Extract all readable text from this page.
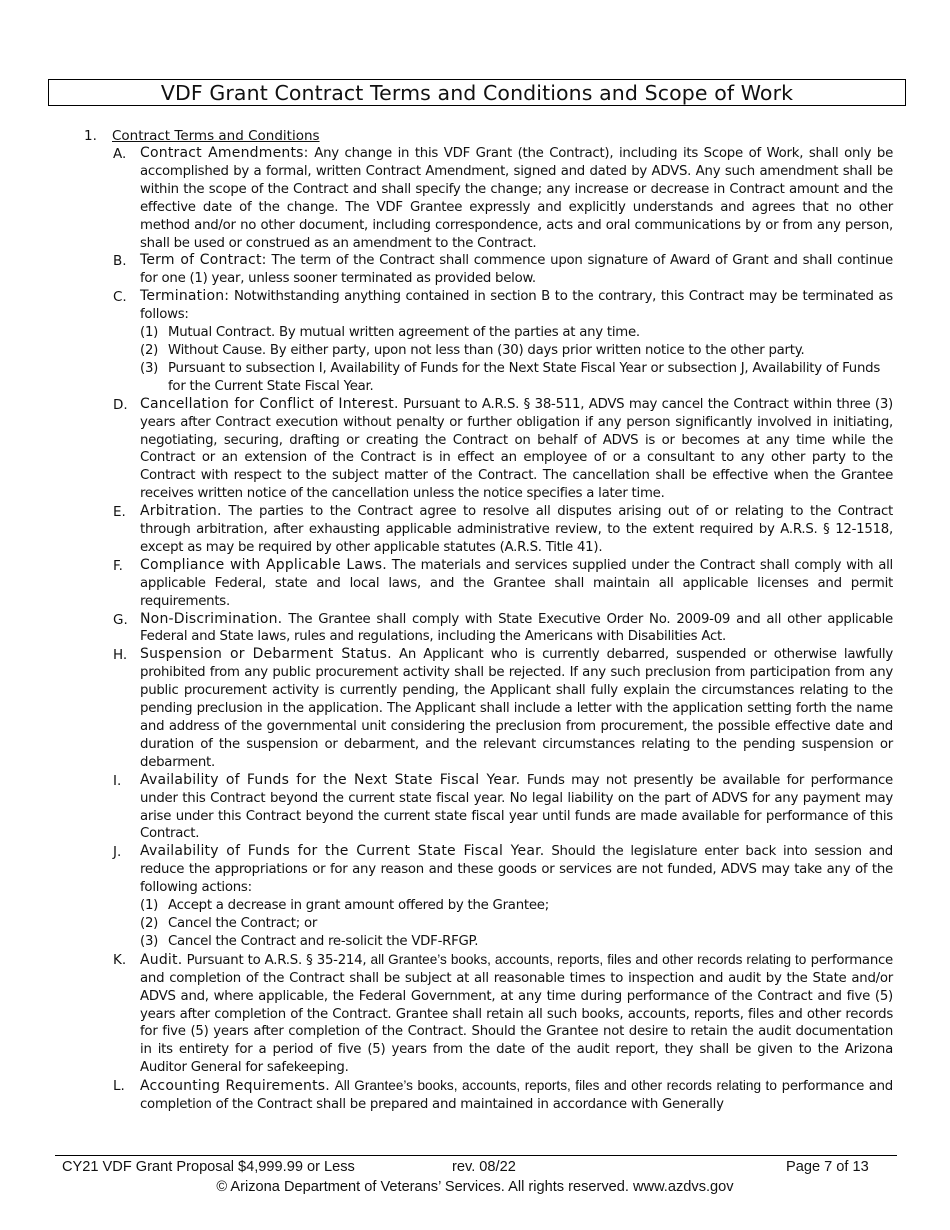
VDF Grant Contract Terms and Conditions and Scope of Work
1. Contract Terms and Conditions
A. Contract Amendments: Any change in this VDF Grant (the Contract), including its Scope of Work, shall only be accomplished by a formal, written Contract Amendment, signed and dated by ADVS. Any such amendment shall be within the scope of the Contract and shall specify the change; any increase or decrease in Contract amount and the effective date of the change. The VDF Grantee expressly and explicitly understands and agrees that no other method and/or no other document, including correspondence, acts and oral communications by or from any person, shall be used or construed as an amendment to the Contract.
B. Term of Contract: The term of the Contract shall commence upon signature of Award of Grant and shall continue for one (1) year, unless sooner terminated as provided below.
C. Termination: Notwithstanding anything contained in section B to the contrary, this Contract may be terminated as follows:
(1) Mutual Contract. By mutual written agreement of the parties at any time.
(2) Without Cause. By either party, upon not less than (30) days prior written notice to the other party.
(3) Pursuant to subsection I, Availability of Funds for the Next State Fiscal Year or subsection J, Availability of Funds for the Current State Fiscal Year.
D. Cancellation for Conflict of Interest. Pursuant to A.R.S. § 38-511, ADVS may cancel the Contract within three (3) years after Contract execution without penalty or further obligation if any person significantly involved in initiating, negotiating, securing, drafting or creating the Contract on behalf of ADVS is or becomes at any time while the Contract or an extension of the Contract is in effect an employee of or a consultant to any other party to the Contract with respect to the subject matter of the Contract. The cancellation shall be effective when the Grantee receives written notice of the cancellation unless the notice specifies a later time.
E. Arbitration. The parties to the Contract agree to resolve all disputes arising out of or relating to the Contract through arbitration, after exhausting applicable administrative review, to the extent required by A.R.S. § 12-1518, except as may be required by other applicable statutes (A.R.S. Title 41).
F. Compliance with Applicable Laws. The materials and services supplied under the Contract shall comply with all applicable Federal, state and local laws, and the Grantee shall maintain all applicable licenses and permit requirements.
G. Non-Discrimination. The Grantee shall comply with State Executive Order No. 2009-09 and all other applicable Federal and State laws, rules and regulations, including the Americans with Disabilities Act.
H. Suspension or Debarment Status. An Applicant who is currently debarred, suspended or otherwise lawfully prohibited from any public procurement activity shall be rejected. If any such preclusion from participation from any public procurement activity is currently pending, the Applicant shall fully explain the circumstances relating to the pending preclusion in the application. The Applicant shall include a letter with the application setting forth the name and address of the governmental unit considering the preclusion from procurement, the possible effective date and duration of the suspension or debarment, and the relevant circumstances relating to the pending suspension or debarment.
I. Availability of Funds for the Next State Fiscal Year. Funds may not presently be available for performance under this Contract beyond the current state fiscal year. No legal liability on the part of ADVS for any payment may arise under this Contract beyond the current state fiscal year until funds are made available for performance of this Contract.
J. Availability of Funds for the Current State Fiscal Year. Should the legislature enter back into session and reduce the appropriations or for any reason and these goods or services are not funded, ADVS may take any of the following actions:
(1) Accept a decrease in grant amount offered by the Grantee;
(2) Cancel the Contract; or
(3) Cancel the Contract and re-solicit the VDF-RFGP.
K. Audit. Pursuant to A.R.S. § 35-214, all Grantee’s books, accounts, reports, files and other records relating to performance and completion of the Contract shall be subject at all reasonable times to inspection and audit by the State and/or ADVS and, where applicable, the Federal Government, at any time during performance of the Contract and five (5) years after completion of the Contract. Grantee shall retain all such books, accounts, reports, files and other records for five (5) years after completion of the Contract. Should the Grantee not desire to retain the audit documentation in its entirety for a period of five (5) years from the date of the audit report, they shall be given to the Arizona Auditor General for safekeeping.
L. Accounting Requirements. All Grantee’s books, accounts, reports, files and other records relating to performance and completion of the Contract shall be prepared and maintained in accordance with Generally
CY21 VDF Grant Proposal $4,999.99 or Less	rev. 08/22	Page 7 of 13
© Arizona Department of Veterans’ Services. All rights reserved. www.azdvs.gov
